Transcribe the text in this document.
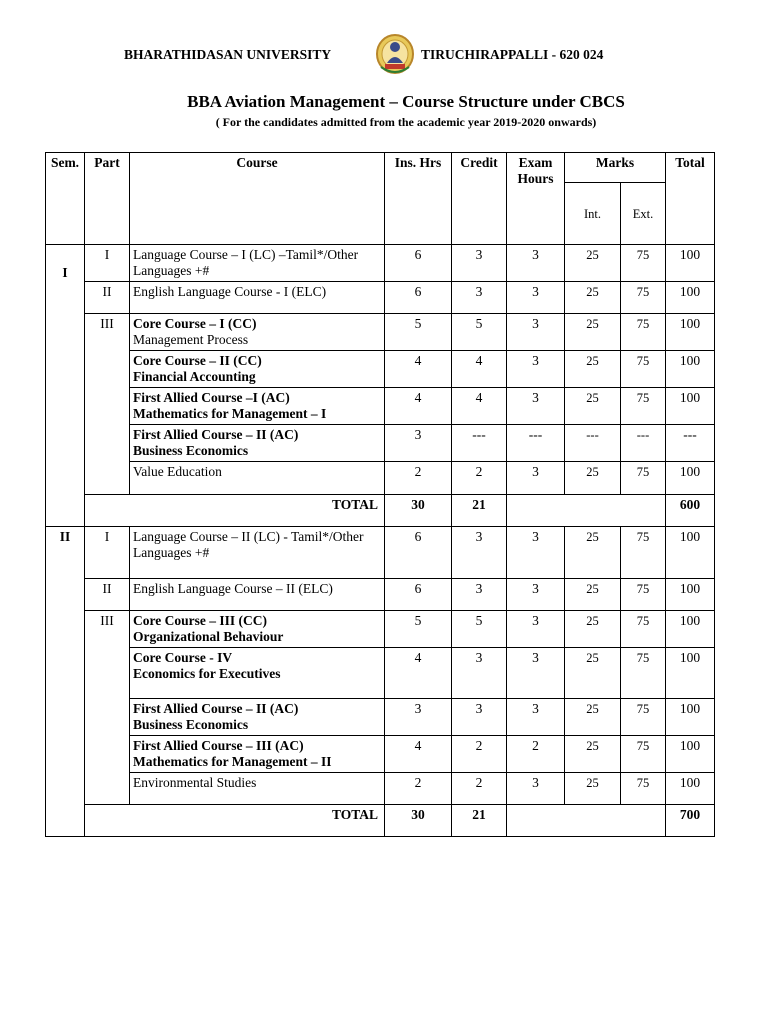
BHARATHIDASAN UNIVERSITY	TIRUCHIRAPPALLI - 620 024
BBA Aviation Management – Course Structure under CBCS
( For the candidates admitted from the academic year 2019-2020 onwards)
Sem.	Part	Course	Ins. Hrs	Credit	Exam Hours	Marks		Total
						Int.	Ext.	
I	I	Language Course – I (LC) –Tamil*/Other
Languages +#	6	3	3	25	75	100
	II	English Language Course - I (ELC)	6	3	3	25	75	100
	III	Core Course – I (CC)
Management Process	5	5	3	25	75	100

		Core Course – II (CC)
Financial Accounting	4	4	3	25	75	100

		First Allied Course –I (AC)
Mathematics for Management – I	4	4	3	25	75	100

		First Allied Course – II (AC)
Business Economics	3	---	---	---	---	---

		Value Education	2	2	3	25	75	100
	TOTAL		30	21				600
II	I	Language Course – II (LC) - Tamil*/Other
Languages +#	6	3	3	25	75	100
	II	English Language Course – II (ELC)	6	3	3	25	75	100
	III	Core Course – III (CC)
Organizational Behaviour	5	5	3	25	75	100

		Core Course - IV
Economics for Executives	4	3	3	25	75	100

		First Allied Course – II (AC)
Business Economics	3	3	3	25	75	100

		First Allied Course – III (AC)
Mathematics for Management – II	4	2	2	25	75	100

		Environmental Studies	2	2	3	25	75	100
	TOTAL		30	21				700
